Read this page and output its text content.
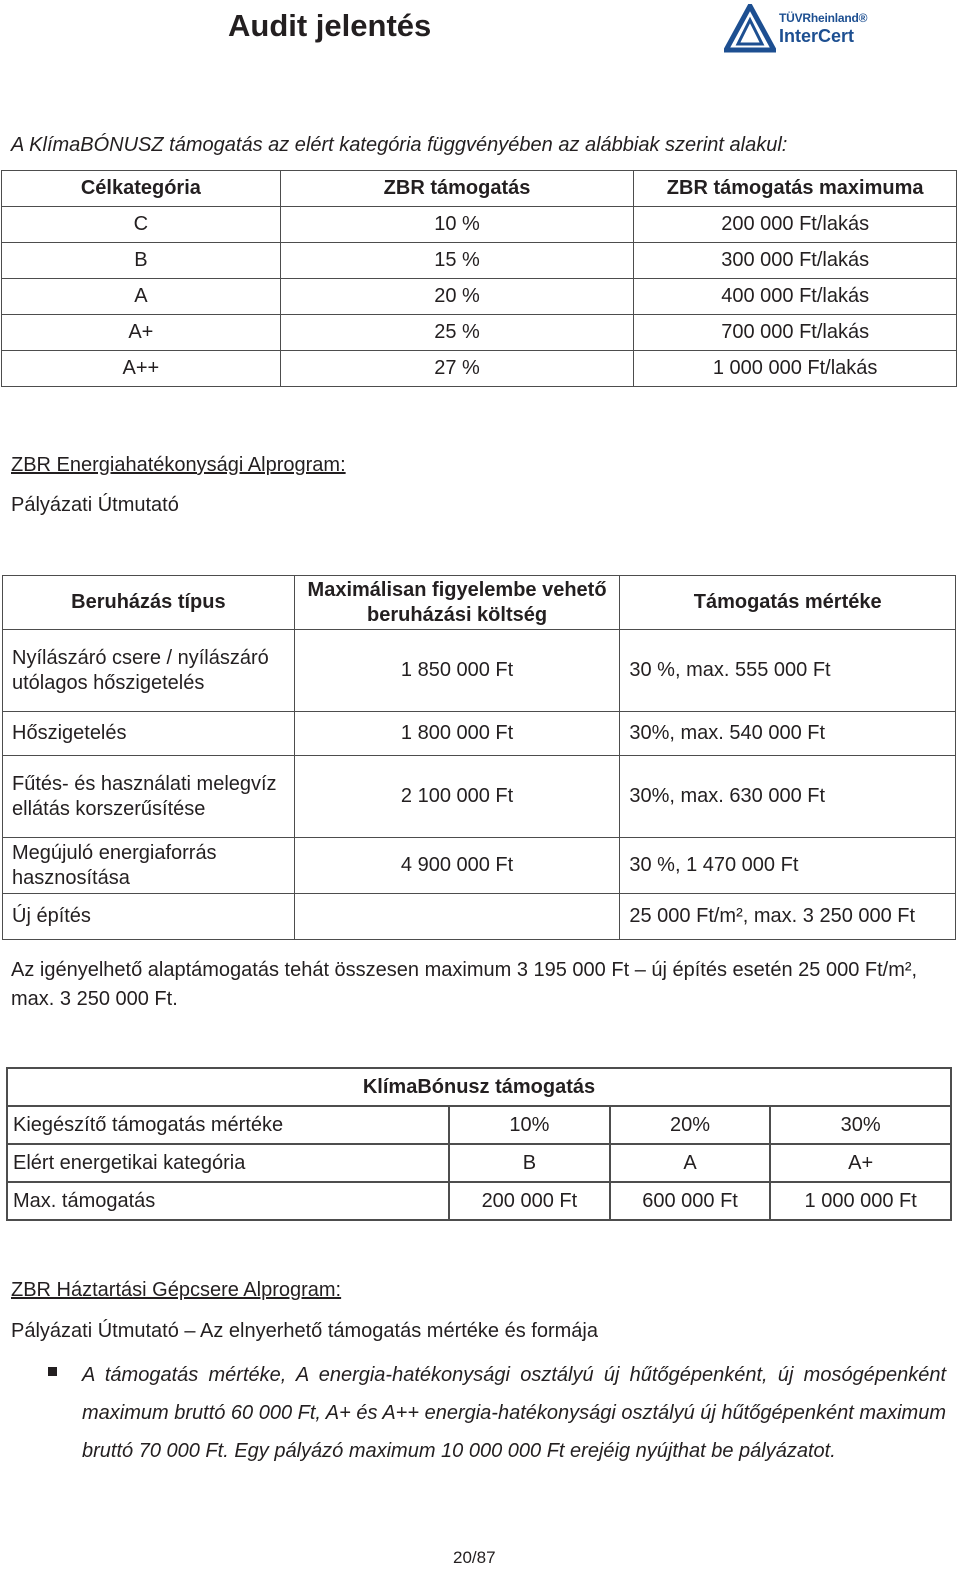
Audit jelentés	TÜVRheinland®
InterCert
A KlímaBÓNUSZ támogatás az elért kategória függvényében az alábbiak szerint alakul:
Célkategória	ZBR támogatás	ZBR támogatás maximuma
C	10 %	200 000 Ft/lakás
B	15 %	300 000 Ft/lakás
A	20 %	400 000 Ft/lakás
A+	25 %	700 000 Ft/lakás
A++	27 %	1 000 000 Ft/lakás
ZBR Energiahatékonysági Alprogram:
Pályázati Útmutató
Beruházás típus	Maximálisan figyelembe vehető beruházási költség	Támogatás mértéke
Nyílászáró csere / nyílászáró utólagos hőszigetelés	1 850 000 Ft	30 %, max. 555 000 Ft
Hőszigetelés	1 800 000 Ft	30%, max. 540 000 Ft
Fűtés- és használati melegvíz ellátás korszerűsítése	2 100 000 Ft	30%, max. 630 000 Ft
Megújuló energiaforrás hasznosítása	4 900 000 Ft	30 %, 1 470 000 Ft
Új építés		25 000 Ft/m², max. 3 250 000 Ft
Az igényelhető alaptámogatás tehát összesen maximum 3 195 000 Ft – új építés esetén 25 000 Ft/m², max. 3 250 000 Ft.
KlímaBónusz támogatás			
Kiegészítő támogatás mértéke	10%	20%	30%
Elért energetikai kategória	B	A	A+
Max. támogatás	200 000 Ft	600 000 Ft	1 000 000 Ft
ZBR Háztartási Gépcsere Alprogram:
Pályázati Útmutató – Az elnyerhető támogatás mértéke és formája
A támogatás mértéke, A energia-hatékonysági osztályú új hűtőgépenként, új mosógépenként maximum bruttó 60 000 Ft, A+ és A++ energia-hatékonysági osztályú új hűtőgépenként maximum bruttó 70 000 Ft. Egy pályázó maximum 10 000 000 Ft erejéig nyújthat be pályázatot.
20/87
